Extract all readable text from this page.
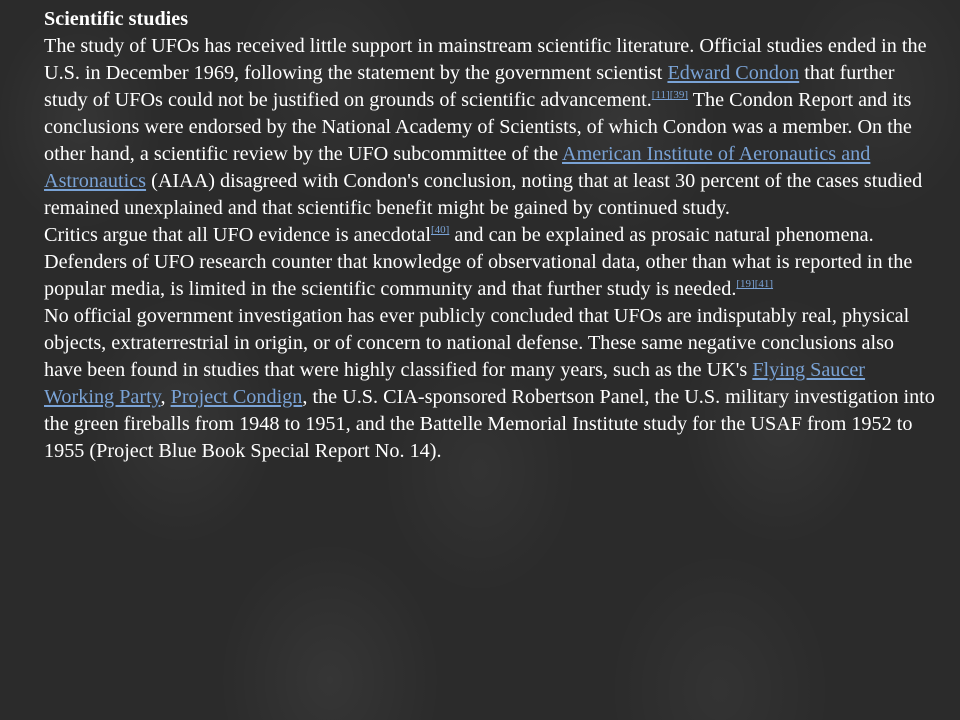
Scientific studies

The study of UFOs has received little support in mainstream scientific literature. Official studies ended in the U.S. in December 1969, following the statement by the government scientist Edward Condon that further study of UFOs could not be justified on grounds of scientific advancement.[11][39] The Condon Report and its conclusions were endorsed by the National Academy of Scientists, of which Condon was a member. On the other hand, a scientific review by the UFO subcommittee of the American Institute of Aeronautics and Astronautics (AIAA) disagreed with Condon's conclusion, noting that at least 30 percent of the cases studied remained unexplained and that scientific benefit might be gained by continued study.

Critics argue that all UFO evidence is anecdotal[40] and can be explained as prosaic natural phenomena. Defenders of UFO research counter that knowledge of observational data, other than what is reported in the popular media, is limited in the scientific community and that further study is needed.[19][41]

No official government investigation has ever publicly concluded that UFOs are indisputably real, physical objects, extraterrestrial in origin, or of concern to national defense. These same negative conclusions also have been found in studies that were highly classified for many years, such as the UK's Flying Saucer Working Party, Project Condign, the U.S. CIA-sponsored Robertson Panel, the U.S. military investigation into the green fireballs from 1948 to 1951, and the Battelle Memorial Institute study for the USAF from 1952 to 1955 (Project Blue Book Special Report No. 14).
